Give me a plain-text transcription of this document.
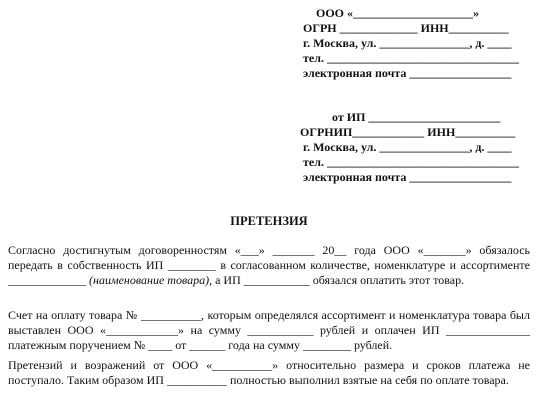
ООО «____________________»
ОГРН _____________ ИНН__________
г. Москва, ул. _______________, д. ____
тел. ________________________________
электронная почта _________________
от ИП ______________________
ОГРНИП____________ ИНН__________
г. Москва, ул. _______________, д. ____
тел. ________________________________
электронная почта _________________
ПРЕТЕНЗИЯ
Согласно достигнутым договоренностям «___» _______ 20__ года ООО «_______» обязалось передать в собственность ИП ________ в согласованном количестве, номенклатуре и ассортименте _____________ (наименование товара), а ИП ___________ обязался оплатить этот товар.
Счет на оплату товара № __________, которым определялся ассортимент и номенклатура товара был выставлен ООО «____________» на сумму ___________ рублей и оплачен ИП ______________ платежным поручением № ____ от ______ года на сумму ________ рублей.
Претензий и возражений от ООО «__________» относительно размера и сроков платежа не поступало. Таким образом ИП __________ полностью выполнил взятые на себя по оплате товара.
